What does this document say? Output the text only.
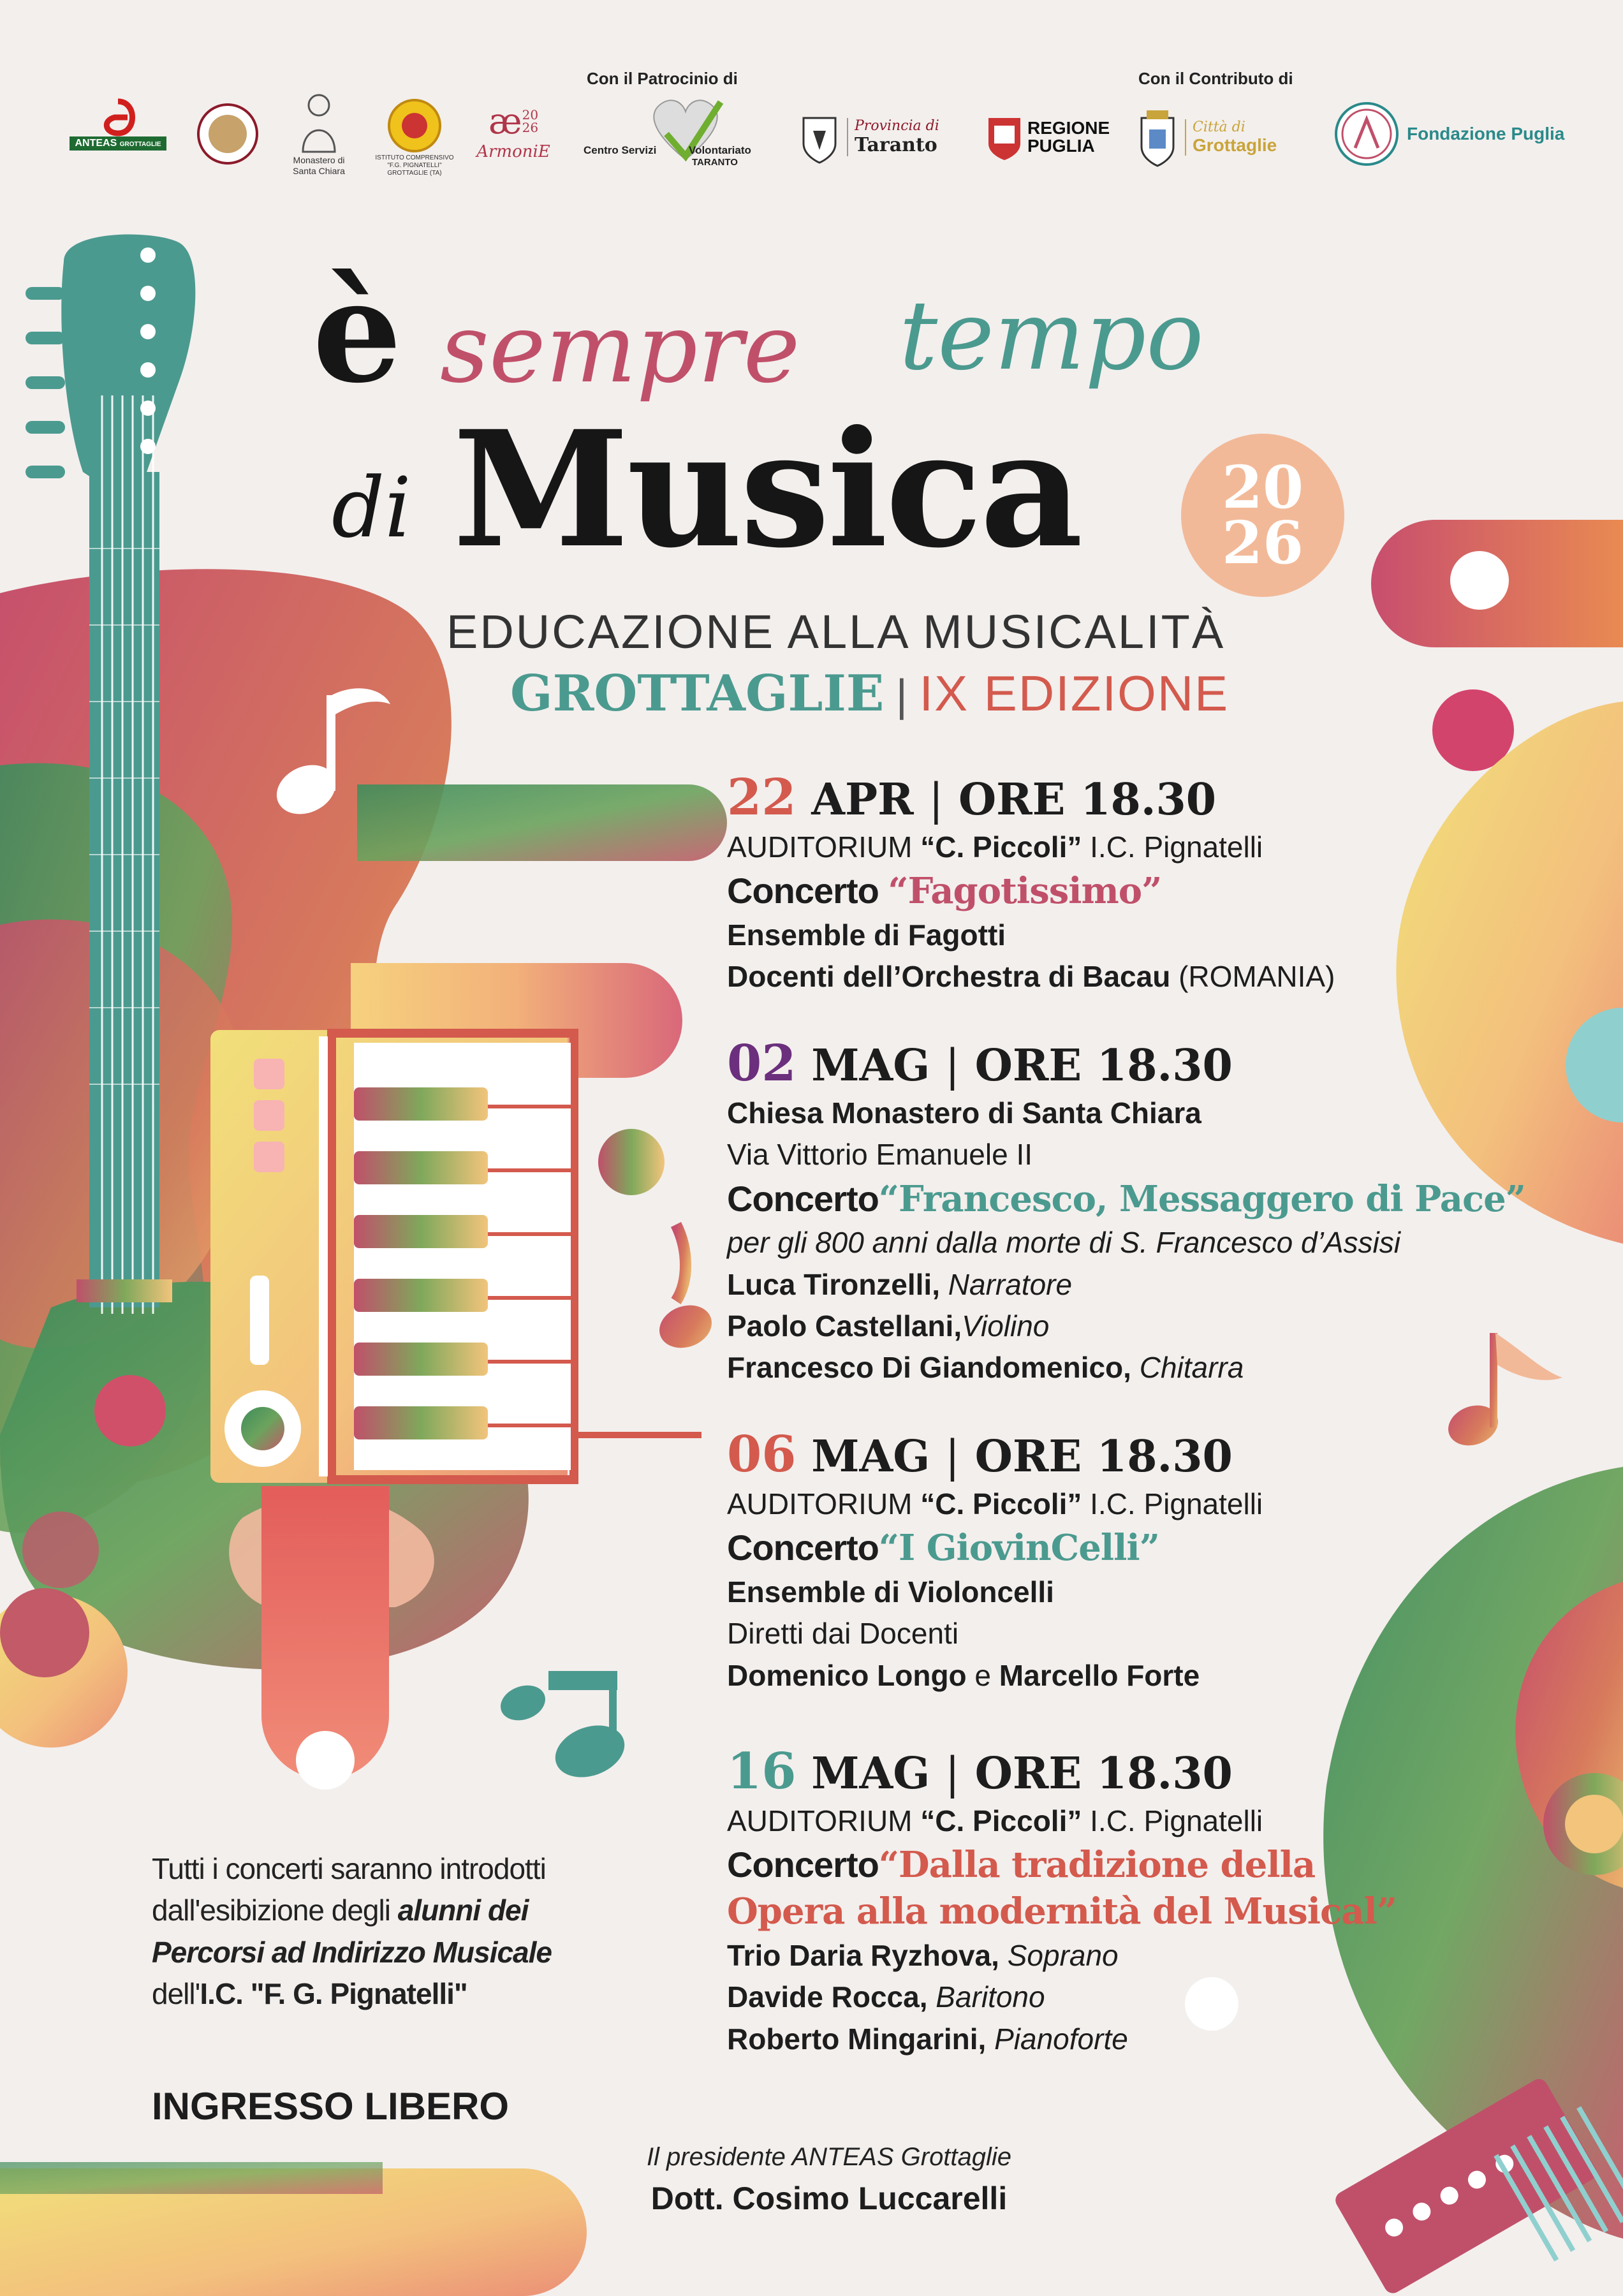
Con il Patrocinio di	Con il Contributo di
ANTEAS GROTTAGLIE
Monastero di
Santa Chiara
ISTITUTO COMPRENSIVO
"F.G. PIGNATELLI"
GROTTAGLIE (TA)
æ 20
26
ArmoniE	Centro Servizi	Volontariato
TARANTO
Provincia di
Taranto
REGIONE
PUGLIA
Città di
Grottaglie
Fondazione Puglia
è sempre tempo
di Musica 20
26
EDUCAZIONE ALLA MUSICALITÀ
GROTTAGLIE | IX EDIZIONE
22 APR | ORE 18.30
AUDITORIUM “C. Piccoli” I.C. Pignatelli
Concerto “Fagotissimo”
Ensemble di Fagotti
Docenti dell’Orchestra di Bacau (ROMANIA)
02 MAG | ORE 18.30
Chiesa Monastero di Santa Chiara
Via Vittorio Emanuele II
Concerto“Francesco, Messaggero di Pace”
per gli 800 anni dalla morte di S. Francesco d’Assisi
Luca Tironzelli, Narratore
Paolo Castellani,Violino
Francesco Di Giandomenico, Chitarra
06 MAG | ORE 18.30
AUDITORIUM “C. Piccoli” I.C. Pignatelli
Concerto“I GiovinCelli”
Ensemble di Violoncelli
Diretti dai Docenti
Domenico Longo e Marcello Forte
16 MAG | ORE 18.30
AUDITORIUM “C. Piccoli” I.C. Pignatelli
Concerto“Dalla tradizione della
Opera alla modernità del Musical”
Trio Daria Ryzhova, Soprano
Davide Rocca, Baritono
Roberto Mingarini, Pianoforte
Tutti i concerti saranno introdotti
dall'esibizione degli alunni dei
Percorsi ad Indirizzo Musicale
dell'I.C. "F. G. Pignatelli"
INGRESSO LIBERO
Il presidente ANTEAS Grottaglie
Dott. Cosimo Luccarelli
